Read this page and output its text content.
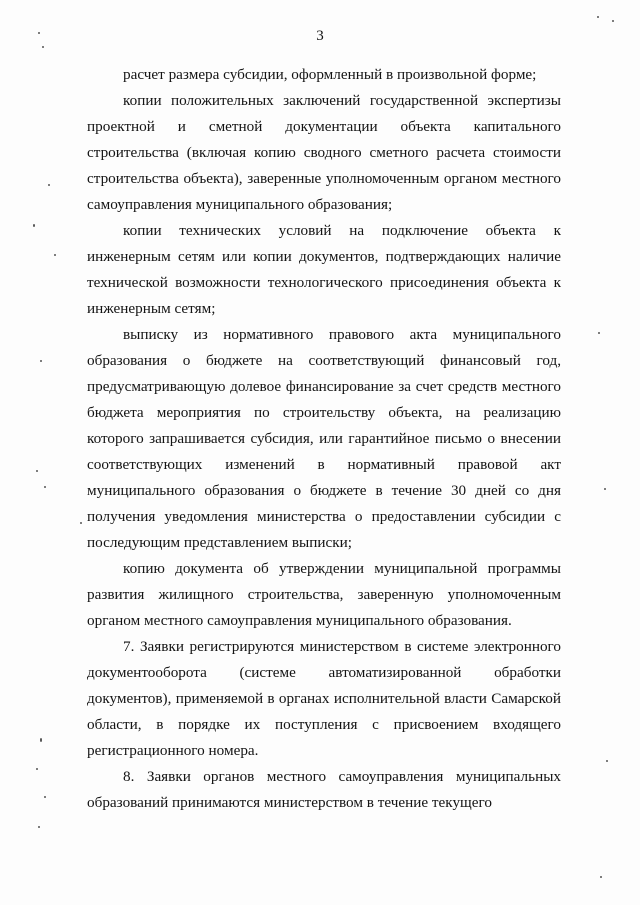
3

расчет размера субсидии, оформленный в произвольной форме;

копии положительных заключений государственной экспертизы проектной и сметной документации объекта капитального строительства (включая копию сводного сметного расчета стоимости строительства объекта), заверенные уполномоченным органом местного самоуправления муниципального образования;

копии технических условий на подключение объекта к инженерным сетям или копии документов, подтверждающих наличие технической возможности технологического присоединения объекта к инженерным сетям;

выписку из нормативного правового акта муниципального образования о бюджете на соответствующий финансовый год, предусматривающую долевое финансирование за счет средств местного бюджета мероприятия по строительству объекта, на реализацию которого запрашивается субсидия, или гарантийное письмо о внесении соответствующих изменений в нормативный правовой акт муниципального образования о бюджете в течение 30 дней со дня получения уведомления министерства о предоставлении субсидии с последующим представлением выписки;

копию документа об утверждении муниципальной программы развития жилищного строительства, заверенную уполномоченным органом местного самоуправления муниципального образования.

7. Заявки регистрируются министерством в системе электронного документооборота (системе автоматизированной обработки документов), применяемой в органах исполнительной власти Самарской области, в порядке их поступления с присвоением входящего регистрационного номера.

8. Заявки органов местного самоуправления муниципальных образований принимаются министерством в течение текущего
